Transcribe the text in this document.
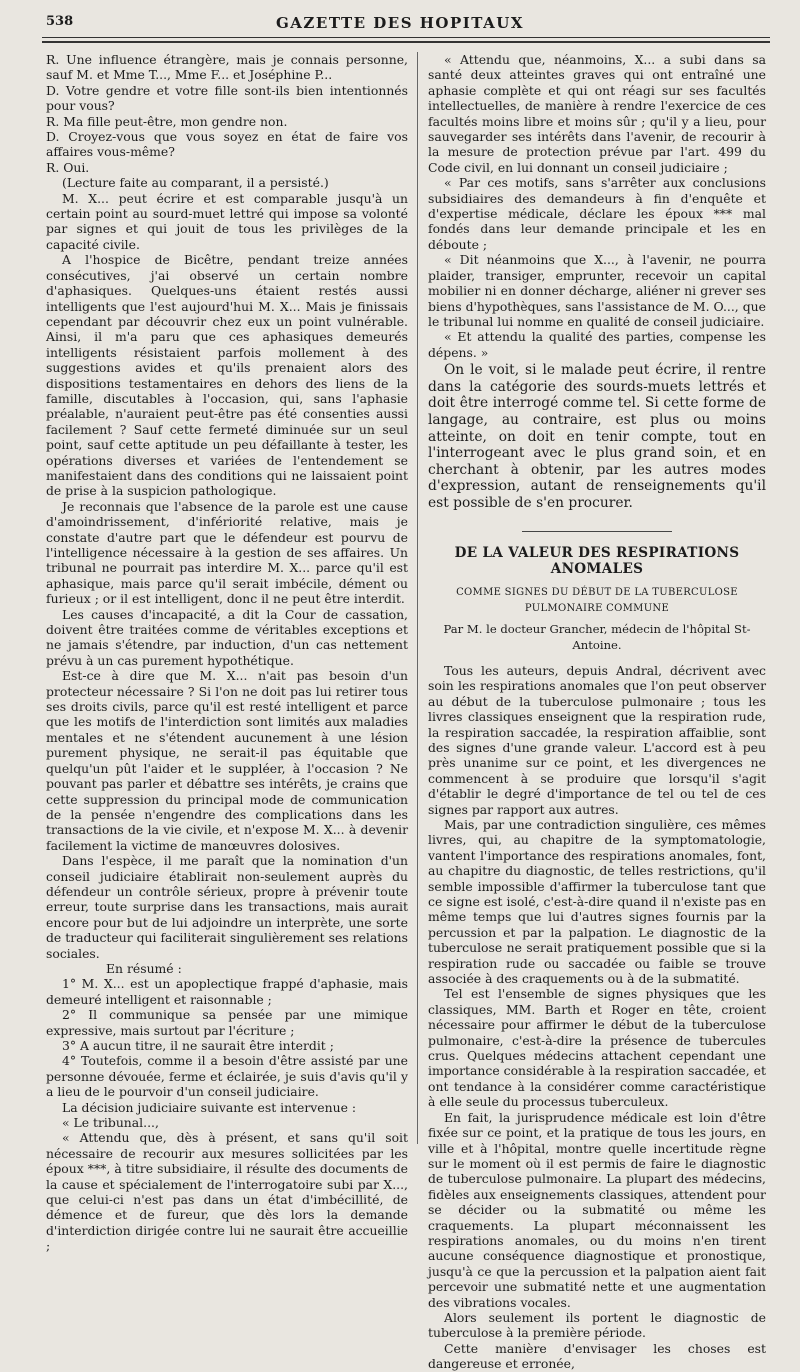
538	GAZETTE DES HOPITAUX

R. Une influence étrangère, mais je connais personne, sauf M. et Mme T..., Mme F... et Joséphine P...

D. Votre gendre et votre fille sont-ils bien intentionnés pour vous?

R. Ma fille peut-être, mon gendre non.

D. Croyez-vous que vous soyez en état de faire vos affaires vous-même?

R. Oui.

(Lecture faite au comparant, il a persisté.)

M. X... peut écrire et est comparable jusqu'à un certain point au sourd-muet lettré qui impose sa volonté par signes et qui jouit de tous les privilèges de la capacité civile.

A l'hospice de Bicêtre, pendant treize années consécutives, j'ai observé un certain nombre d'aphasiques. Quelques-uns étaient restés aussi intelligents que l'est aujourd'hui M. X... Mais je finissais cependant par découvrir chez eux un point vulnérable. Ainsi, il m'a paru que ces aphasiques demeurés intelligents résistaient parfois mollement à des suggestions avides et qu'ils prenaient alors des dispositions testamentaires en dehors des liens de la famille, discutables à l'occasion, qui, sans l'aphasie préalable, n'auraient peut-être pas été consenties aussi facilement ? Sauf cette fermeté diminuée sur un seul point, sauf cette aptitude un peu défaillante à tester, les opérations diverses et variées de l'entendement se manifestaient dans des conditions qui ne laissaient point de prise à la suspicion pathologique.

Je reconnais que l'absence de la parole est une cause d'amoindrissement, d'infériorité relative, mais je constate d'autre part que le défendeur est pourvu de l'intelligence nécessaire à la gestion de ses affaires. Un tribunal ne pourrait pas interdire M. X... parce qu'il est aphasique, mais parce qu'il serait imbécile, dément ou furieux ; or il est intelligent, donc il ne peut être interdit.

Les causes d'incapacité, a dit la Cour de cassation, doivent être traitées comme de véritables exceptions et ne jamais s'étendre, par induction, d'un cas nettement prévu à un cas purement hypothétique.

Est-ce à dire que M. X... n'ait pas besoin d'un protecteur nécessaire ? Si l'on ne doit pas lui retirer tous ses droits civils, parce qu'il est resté intelligent et parce que les motifs de l'interdiction sont limités aux maladies mentales et ne s'étendent aucunement à une lésion purement physique, ne serait-il pas équitable que quelqu'un pût l'aider et le suppléer, à l'occasion ? Ne pouvant pas parler et débattre ses intérêts, je crains que cette suppression du principal mode de communication de la pensée n'engendre des complications dans les transactions de la vie civile, et n'expose M. X... à devenir facilement la victime de manœuvres dolosives.

Dans l'espèce, il me paraît que la nomination d'un conseil judiciaire établirait non-seulement auprès du défendeur un contrôle sérieux, propre à prévenir toute erreur, toute surprise dans les transactions, mais aurait encore pour but de lui adjoindre un interprète, une sorte de traducteur qui faciliterait singulièrement ses relations sociales.

En résumé :

1° M. X... est un apoplectique frappé d'aphasie, mais demeuré intelligent et raisonnable ;

2° Il communique sa pensée par une mimique expressive, mais surtout par l'écriture ;

3° A aucun titre, il ne saurait être interdit ;

4° Toutefois, comme il a besoin d'être assisté par une personne dévouée, ferme et éclairée, je suis d'avis qu'il y a lieu de le pourvoir d'un conseil judiciaire.

La décision judiciaire suivante est intervenue :

« Le tribunal...,

« Attendu que, dès à présent, et sans qu'il soit nécessaire de recourir aux mesures sollicitées par les époux ***, à titre subsidiaire, il résulte des documents de la cause et spécialement de l'interrogatoire subi par X..., que celui-ci n'est pas dans un état d'imbécillité, de démence et de fureur, que dès lors la demande d'interdiction dirigée contre lui ne saurait être accueillie ;

« Attendu que, néanmoins, X... a subi dans sa santé deux atteintes graves qui ont entraîné une aphasie complète et qui ont réagi sur ses facultés intellectuelles, de manière à rendre l'exercice de ces facultés moins libre et moins sûr ; qu'il y a lieu, pour sauvegarder ses intérêts dans l'avenir, de recourir à la mesure de protection prévue par l'art. 499 du Code civil, en lui donnant un conseil judiciaire ;

« Par ces motifs, sans s'arrêter aux conclusions subsidiaires des demandeurs à fin d'enquête et d'expertise médicale, déclare les époux *** mal fondés dans leur demande principale et les en déboute ;

« Dit néanmoins que X..., à l'avenir, ne pourra plaider, transiger, emprunter, recevoir un capital mobilier ni en donner décharge, aliéner ni grever ses biens d'hypothèques, sans l'assistance de M. O..., que le tribunal lui nomme en qualité de conseil judiciaire.

« Et attendu la qualité des parties, compense les dépens. »

On le voit, si le malade peut écrire, il rentre dans la catégorie des sourds-muets lettrés et doit être interrogé comme tel. Si cette forme de langage, au contraire, est plus ou moins atteinte, on doit en tenir compte, tout en l'interrogeant avec le plus grand soin, et en cherchant à obtenir, par les autres modes d'expression, autant de renseignements qu'il est possible de s'en procurer.

DE LA VALEUR DES RESPIRATIONS ANOMALES
COMME SIGNES DU DÉBUT DE LA TUBERCULOSE PULMONAIRE COMMUNE
Par M. le docteur Grancher, médecin de l'hôpital St-Antoine.

Tous les auteurs, depuis Andral, décrivent avec soin les respirations anomales que l'on peut observer au début de la tuberculose pulmonaire ; tous les livres classiques enseignent que la respiration rude, la respiration saccadée, la respiration affaiblie, sont des signes d'une grande valeur. L'accord est à peu près unanime sur ce point, et les divergences ne commencent à se produire que lorsqu'il s'agit d'établir le degré d'importance de tel ou tel de ces signes par rapport aux autres.

Mais, par une contradiction singulière, ces mêmes livres, qui, au chapitre de la symptomatologie, vantent l'importance des respirations anomales, font, au chapitre du diagnostic, de telles restrictions, qu'il semble impossible d'affirmer la tuberculose tant que ce signe est isolé, c'est-à-dire quand il n'existe pas en même temps que lui d'autres signes fournis par la percussion et par la palpation. Le diagnostic de la tuberculose ne serait pratiquement possible que si la respiration rude ou saccadée ou faible se trouve associée à des craquements ou à de la submatité.

Tel est l'ensemble de signes physiques que les classiques, MM. Barth et Roger en tête, croient nécessaire pour affirmer le début de la tuberculose pulmonaire, c'est-à-dire la présence de tubercules crus. Quelques médecins attachent cependant une importance considérable à la respiration saccadée, et ont tendance à la considérer comme caractéristique à elle seule du processus tuberculeux.

En fait, la jurisprudence médicale est loin d'être fixée sur ce point, et la pratique de tous les jours, en ville et à l'hôpital, montre quelle incertitude règne sur le moment où il est permis de faire le diagnostic de tuberculose pulmonaire. La plupart des médecins, fidèles aux enseignements classiques, attendent pour se décider ou la submatité ou même les craquements. La plupart méconnaissent les respirations anomales, ou du moins n'en tirent aucune conséquence diagnostique et pronostique, jusqu'à ce que la percussion et la palpation aient fait percevoir une submatité nette et une augmentation des vibrations vocales.

Alors seulement ils portent le diagnostic de tuberculose à la première période.

Cette manière d'envisager les choses est dangereuse et erronée,
